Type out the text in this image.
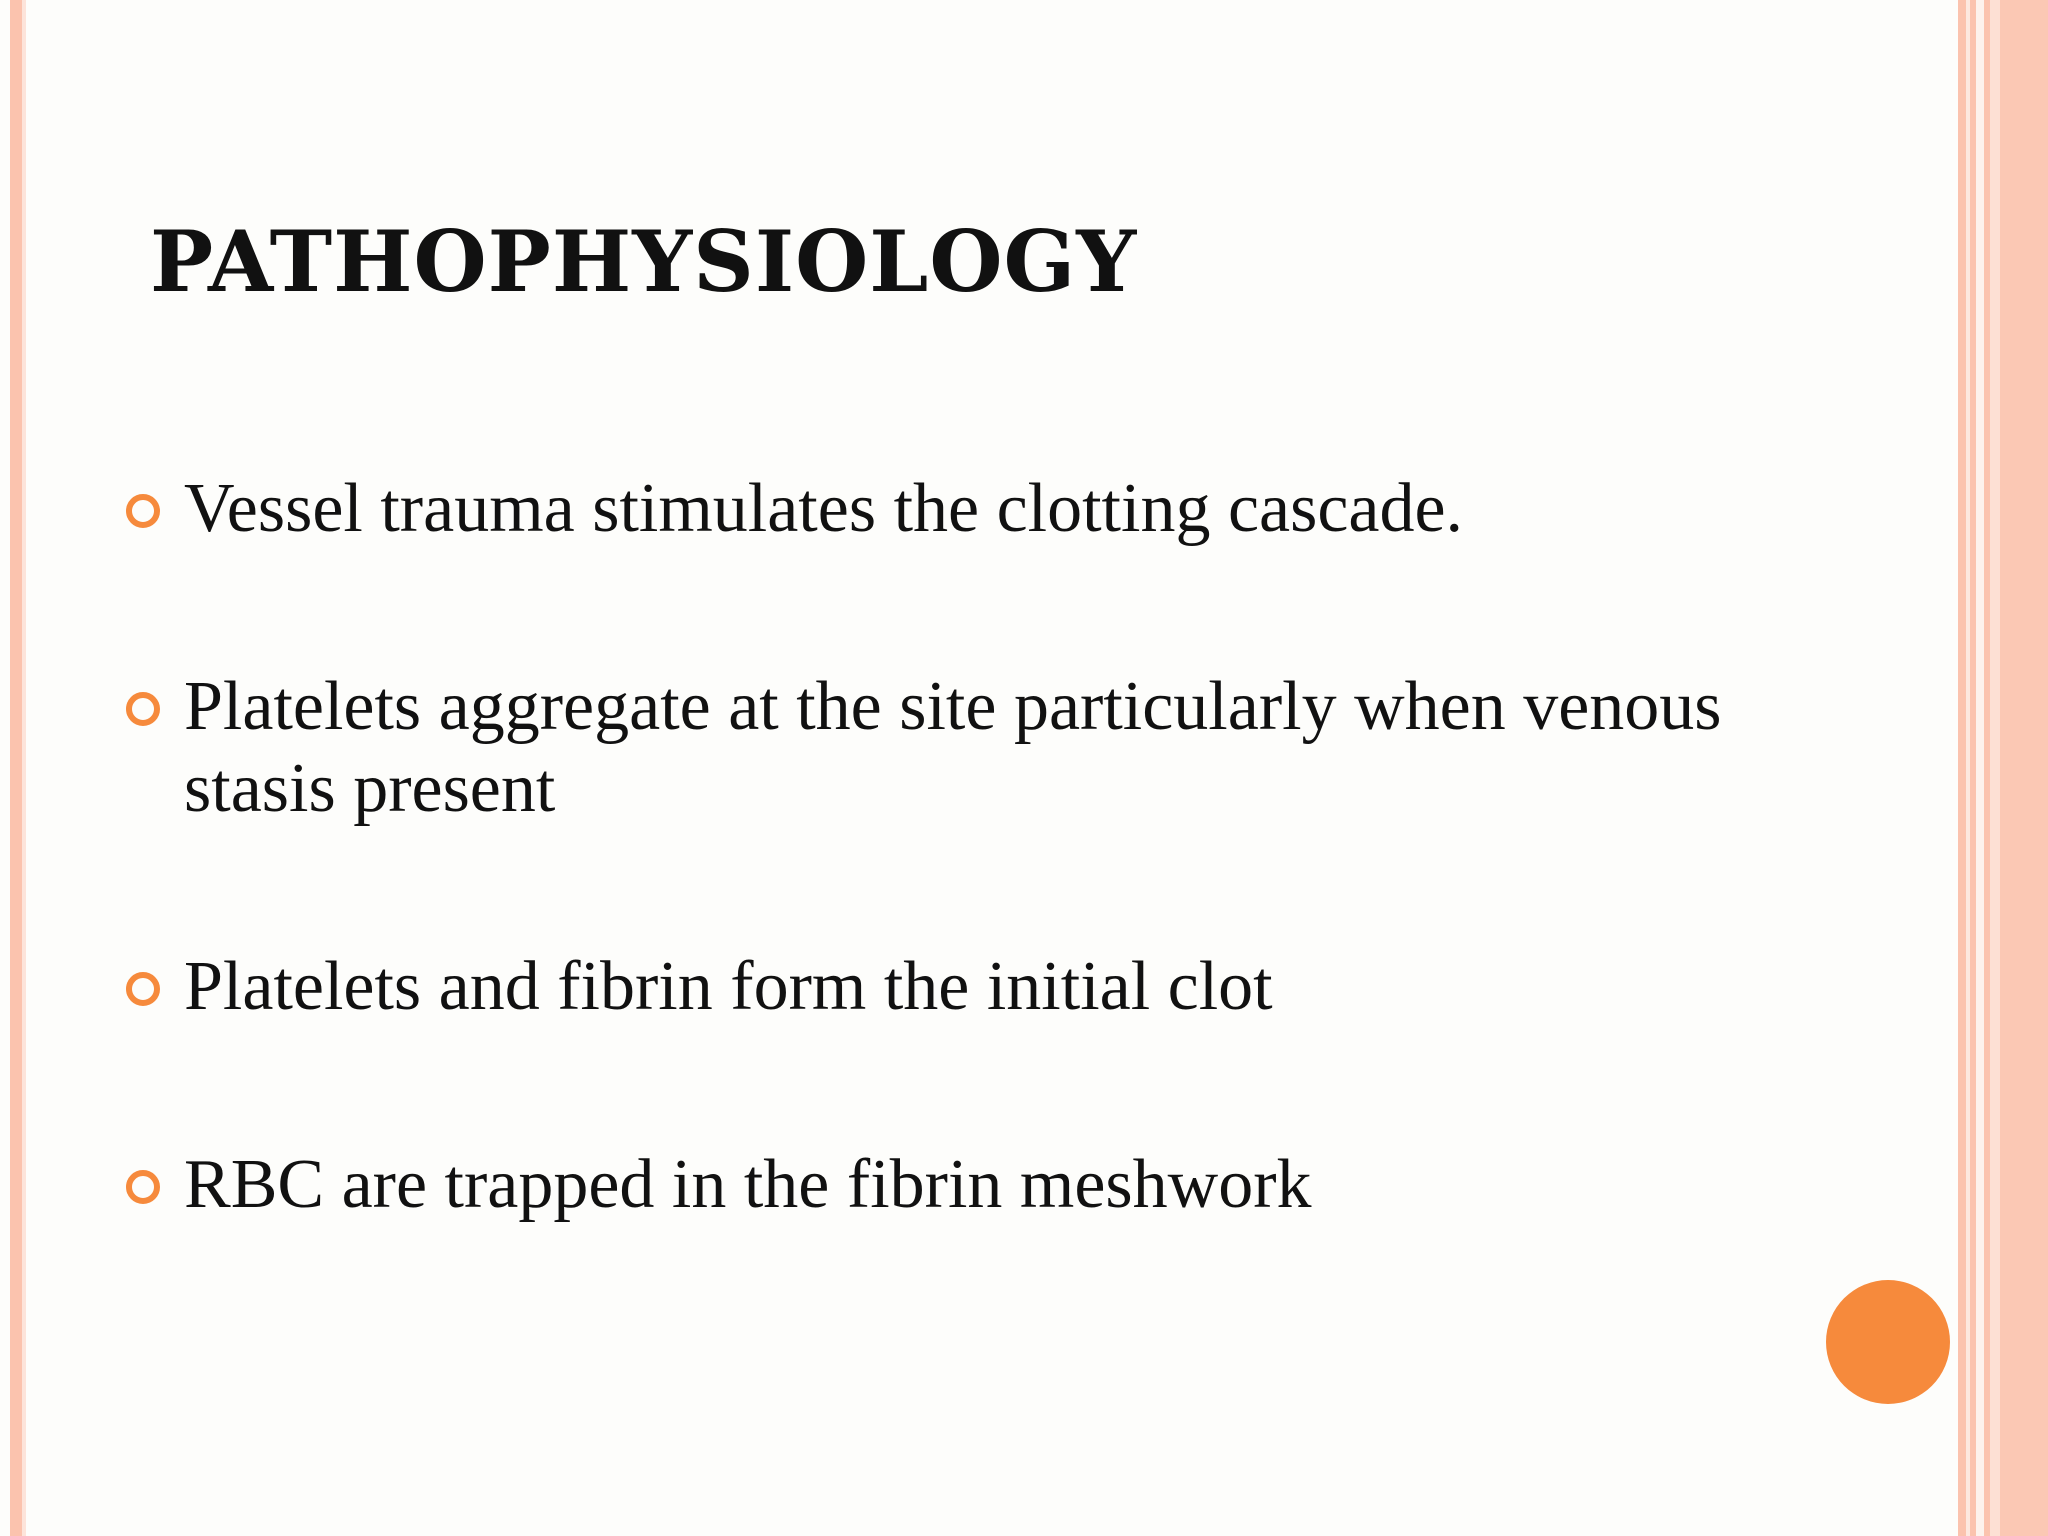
PATHOPHYSIOLOGY
Vessel trauma stimulates the clotting cascade.
Platelets aggregate at the site particularly when venous stasis present
Platelets and fibrin form the initial clot
RBC are trapped in the fibrin meshwork
